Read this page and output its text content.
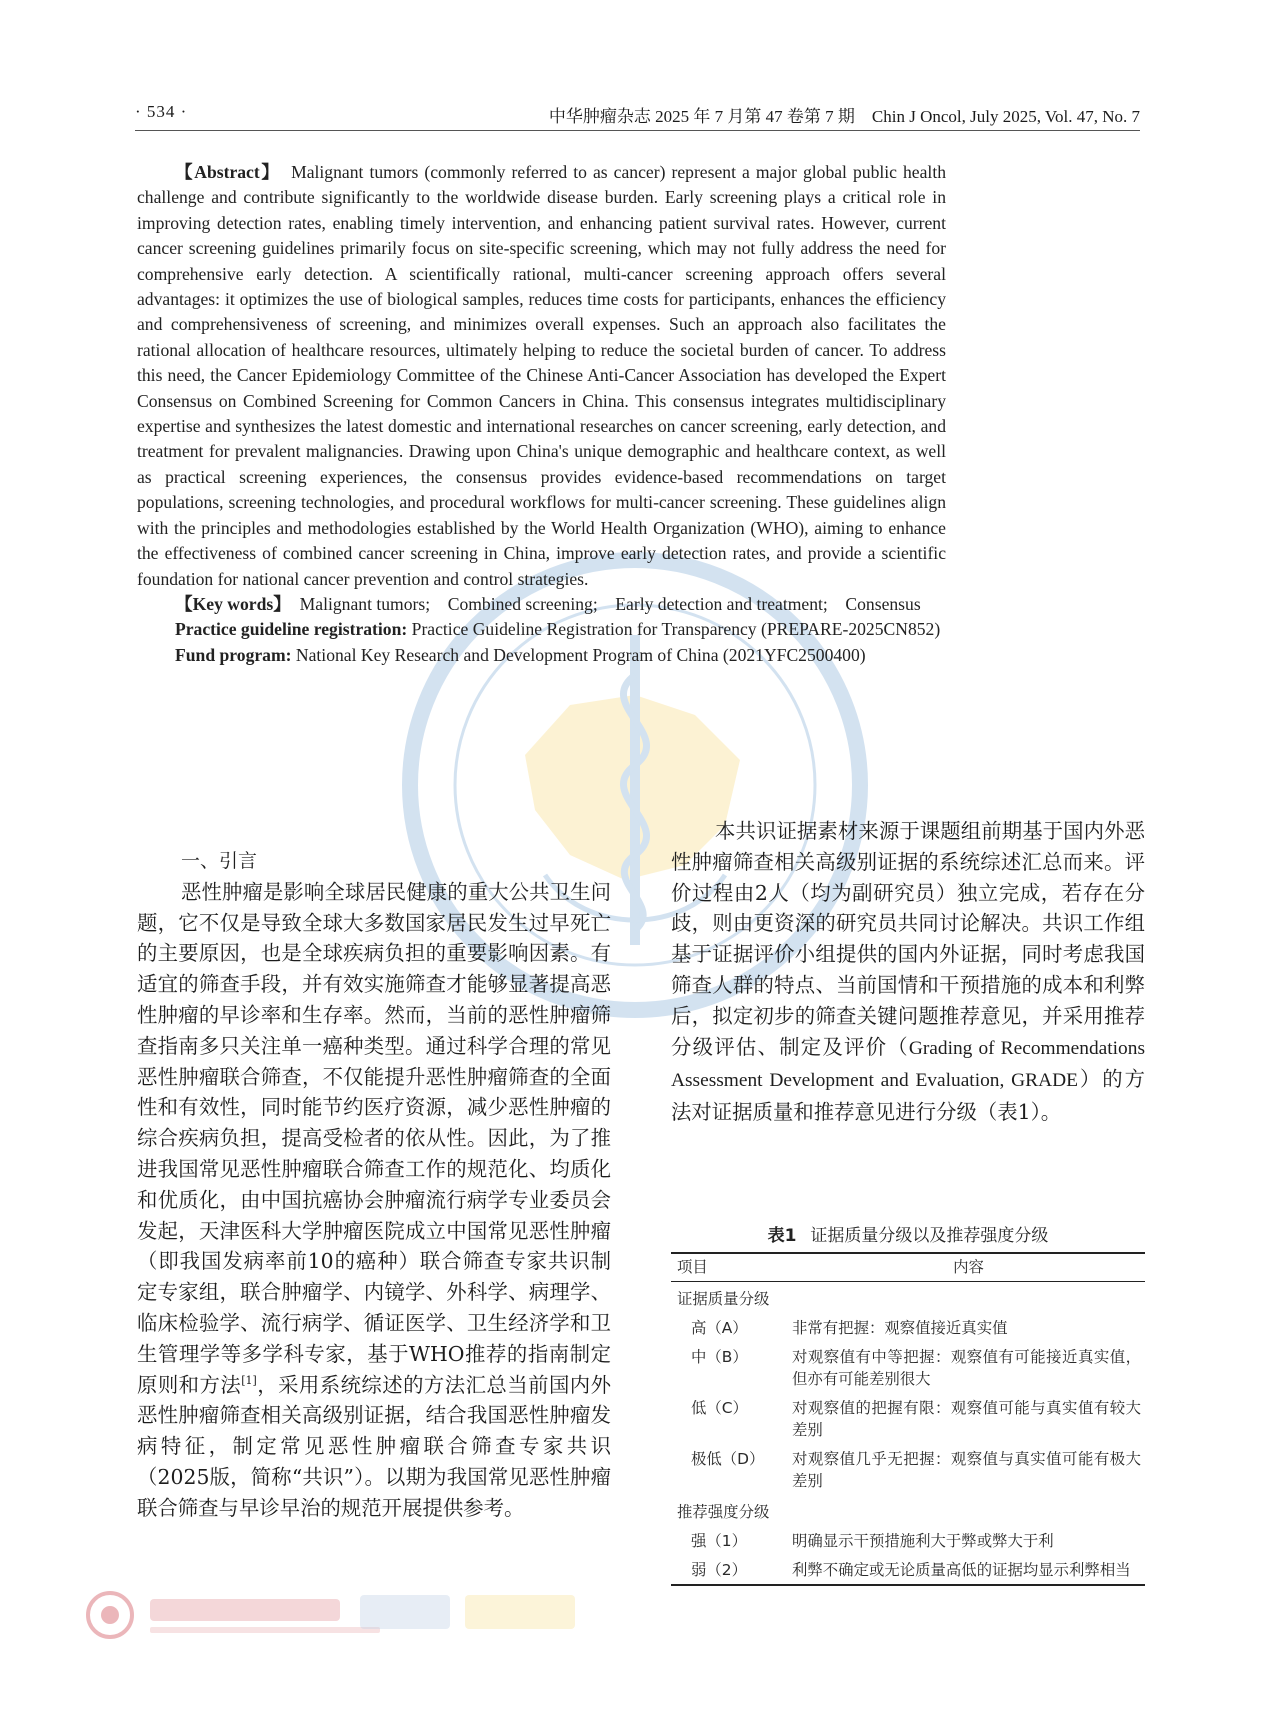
· 534 ·	中华肿瘤杂志 2025 年 7 月第 47 卷第 7 期　Chin J Oncol, July 2025, Vol. 47, No. 7

【Abstract】　 Malignant tumors (commonly referred to as cancer) represent a major global public health challenge and contribute significantly to the worldwide disease burden. Early screening plays a critical role in improving detection rates, enabling timely intervention, and enhancing patient survival rates. However, current cancer screening guidelines primarily focus on site-specific screening, which may not fully address the need for comprehensive early detection. A scientifically rational, multi-cancer screening approach offers several advantages: it optimizes the use of biological samples, reduces time costs for participants, enhances the efficiency and comprehensiveness of screening, and minimizes overall expenses. Such an approach also facilitates the rational allocation of healthcare resources, ultimately helping to reduce the societal burden of cancer. To address this need, the Cancer Epidemiology Committee of the Chinese Anti-Cancer Association has developed the Expert Consensus on Combined Screening for Common Cancers in China. This consensus integrates multidisciplinary expertise and synthesizes the latest domestic and international researches on cancer screening, early detection, and treatment for prevalent malignancies. Drawing upon China's unique demographic and healthcare context, as well as practical screening experiences, the consensus provides evidence-based recommendations on target populations, screening technologies, and procedural workflows for multi-cancer screening. These guidelines align with the principles and methodologies established by the World Health Organization (WHO), aiming to enhance the effectiveness of combined cancer screening in China, improve early detection rates, and provide a scientific foundation for national cancer prevention and control strategies.

【Key words】　 Malignant tumors;　Combined screening;　Early detection and treatment;　Consensus

Practice guideline registration: Practice Guideline Registration for Transparency (PREPARE-2025CN852)

Fund program: National Key Research and Development Program of China (2021YFC2500400)

一、引言

恶性肿瘤是影响全球居民健康的重大公共卫生问题，它不仅是导致全球大多数国家居民发生过早死亡的主要原因，也是全球疾病负担的重要影响因素。有适宜的筛查手段，并有效实施筛查才能够显著提高恶性肿瘤的早诊率和生存率。然而，当前的恶性肿瘤筛查指南多只关注单一癌种类型。通过科学合理的常见恶性肿瘤联合筛查，不仅能提升恶性肿瘤筛查的全面性和有效性，同时能节约医疗资源，减少恶性肿瘤的综合疾病负担，提高受检者的依从性。因此，为了推进我国常见恶性肿瘤联合筛查工作的规范化、均质化和优质化，由中国抗癌协会肿瘤流行病学专业委员会发起，天津医科大学肿瘤医院成立中国常见恶性肿瘤（即我国发病率前10的癌种）联合筛查专家共识制定专家组，联合肿瘤学、内镜学、外科学、病理学、临床检验学、流行病学、循证医学、卫生经济学和卫生管理学等多学科专家，基于WHO推荐的指南制定原则和方法[1]，采用系统综述的方法汇总当前国内外恶性肿瘤筛查相关高级别证据，结合我国恶性肿瘤发病特征，制定常见恶性肿瘤联合筛查专家共识（2025版，简称“共识”）。以期为我国常见恶性肿瘤联合筛查与早诊早治的规范开展提供参考。

本共识证据素材来源于课题组前期基于国内外恶性肿瘤筛查相关高级别证据的系统综述汇总而来。评价过程由2人（均为副研究员）独立完成，若存在分歧，则由更资深的研究员共同讨论解决。共识工作组基于证据评价小组提供的国内外证据，同时考虑我国筛查人群的特点、当前国情和干预措施的成本和利弊后，拟定初步的筛查关键问题推荐意见，并采用推荐分级评估、制定及评价（Grading of Recommendations Assessment Development and Evaluation, GRADE）的方法对证据质量和推荐意见进行分级（表1）。

表1 证据质量分级以及推荐强度分级
项目	内容
证据质量分级	
高（A）	非常有把握：观察值接近真实值
中（B）	对观察值有中等把握：观察值有可能接近真实值，但亦有可能差别很大
低（C）	对观察值的把握有限：观察值可能与真实值有较大差别
极低（D）	对观察值几乎无把握：观察值与真实值可能有极大差别
推荐强度分级	
强（1）	明确显示干预措施利大于弊或弊大于利
弱（2）	利弊不确定或无论质量高低的证据均显示利弊相当
